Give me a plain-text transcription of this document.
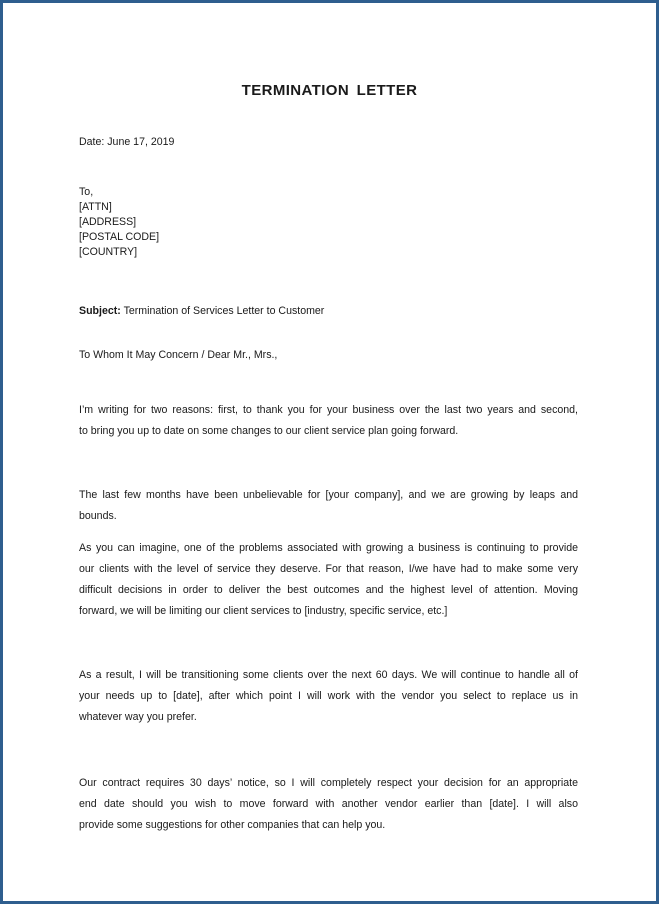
TERMINATION LETTER
Date: June 17, 2019
To,
[ATTN]
[ADDRESS]
[POSTAL CODE]
[COUNTRY]
Subject: Termination of Services Letter to Customer
To Whom It May Concern / Dear Mr., Mrs.,
I’m writing for two reasons: first, to thank you for your business over the last two years and second,
to bring you up to date on some changes to our client service plan going forward.
The last few months have been unbelievable for [your company], and we are growing by leaps and
bounds.
As you can imagine, one of the problems associated with growing a business is continuing to provide
our clients with the level of service they deserve. For that reason, I/we have had to make some very
difficult decisions in order to deliver the best outcomes and the highest level of attention. Moving
forward, we will be limiting our client services to [industry, specific service, etc.]
As a result, I will be transitioning some clients over the next 60 days. We will continue to handle all of
your needs up to [date], after which point I will work with the vendor you select to replace us in
whatever way you prefer.
Our contract requires 30 days’ notice, so I will completely respect your decision for an appropriate
end date should you wish to move forward with another vendor earlier than [date]. I will also
provide some suggestions for other companies that can help you.
